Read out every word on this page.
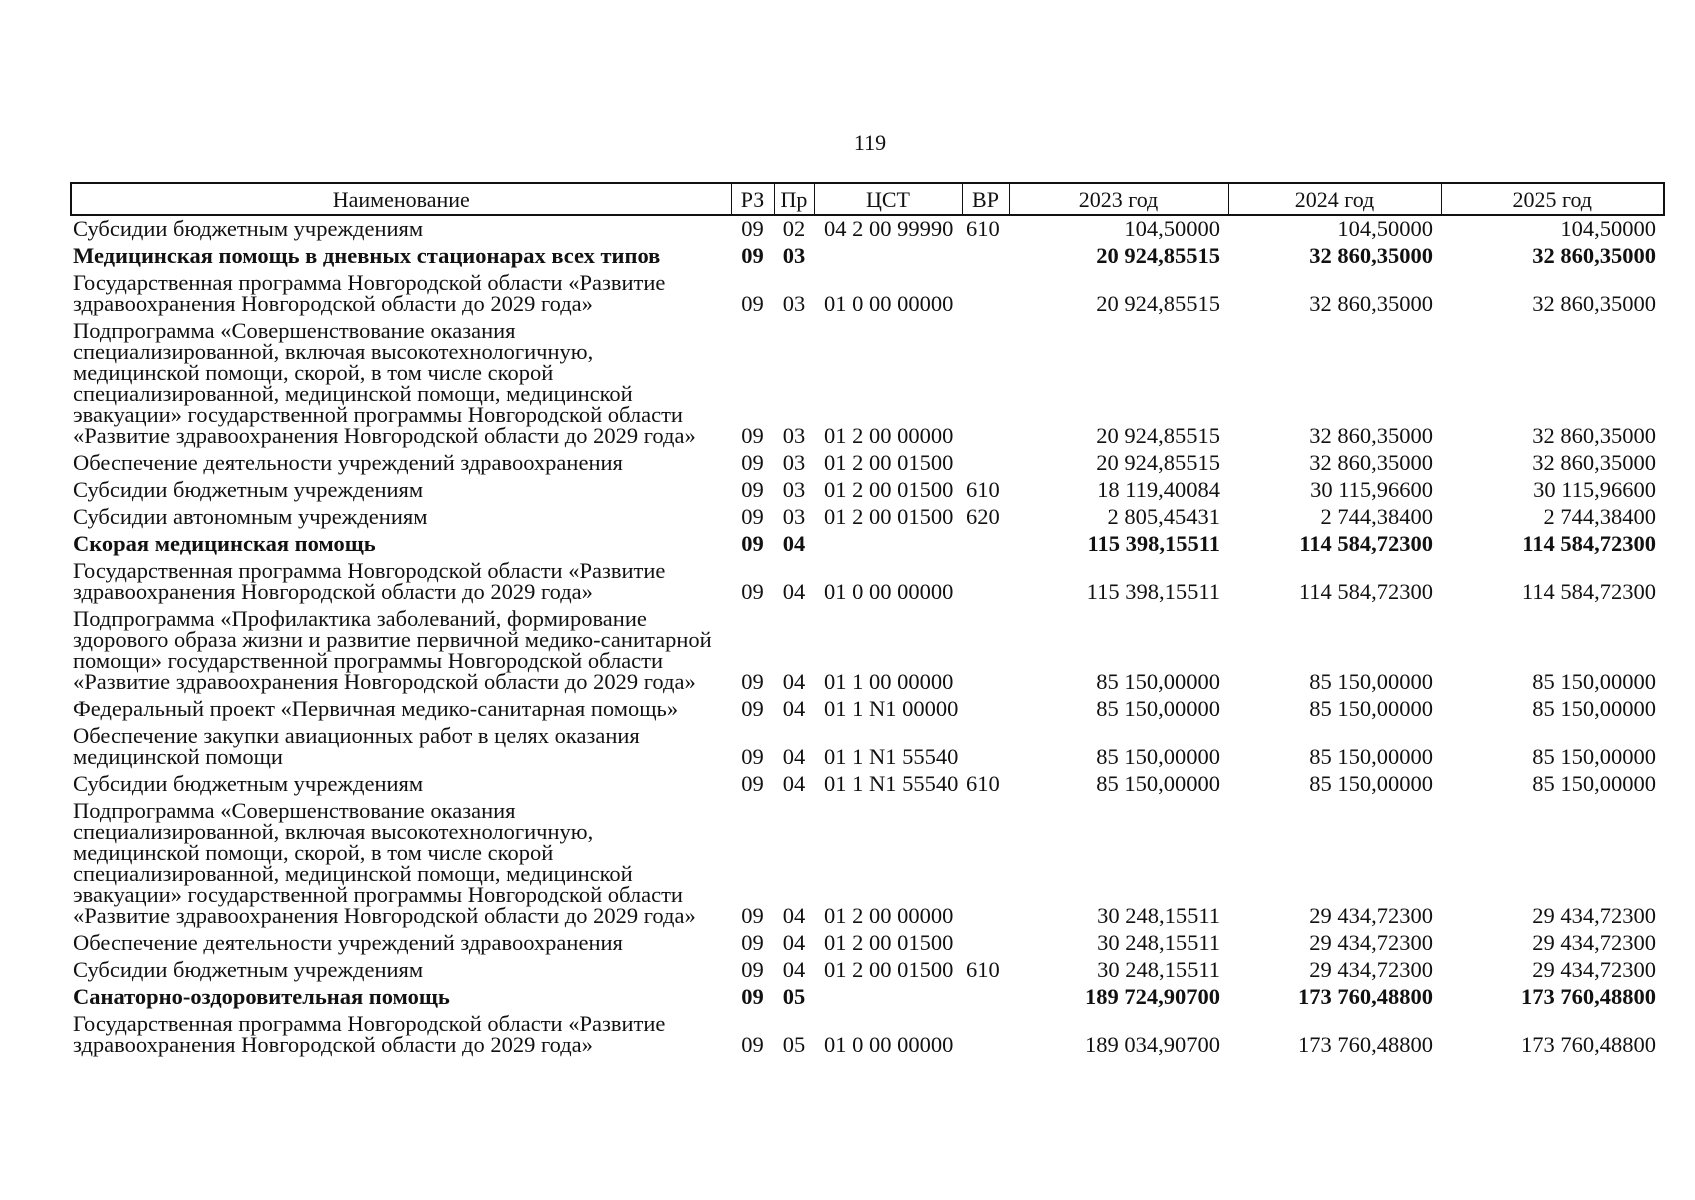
119
Наименование	РЗ	Пр	ЦСТ	ВР	2023 год	2024 год	2025 год
Субсидии бюджетным учреждениям	09	02	04 2 00 99990	610	104,50000	104,50000	104,50000
Медицинская помощь в дневных стационарах всех типов	09	03			20 924,85515	32 860,35000	32 860,35000
Государственная программа Новгородской области «Развитие здравоохранения Новгородской области до 2029 года»	09	03	01 0 00 00000		20 924,85515	32 860,35000	32 860,35000
Подпрограмма «Совершенствование оказания специализированной, включая высокотехнологичную, медицинской помощи, скорой, в том числе скорой специализированной, медицинской помощи, медицинской эвакуации» государственной программы Новгородской области «Развитие здравоохранения Новгородской области до 2029 года»	09	03	01 2 00 00000		20 924,85515	32 860,35000	32 860,35000
Обеспечение деятельности учреждений здравоохранения	09	03	01 2 00 01500		20 924,85515	32 860,35000	32 860,35000
Субсидии бюджетным учреждениям	09	03	01 2 00 01500	610	18 119,40084	30 115,96600	30 115,96600
Субсидии автономным учреждениям	09	03	01 2 00 01500	620	2 805,45431	2 744,38400	2 744,38400
Скорая медицинская помощь	09	04			115 398,15511	114 584,72300	114 584,72300
Государственная программа Новгородской области «Развитие здравоохранения Новгородской области до 2029 года»	09	04	01 0 00 00000		115 398,15511	114 584,72300	114 584,72300
Подпрограмма «Профилактика заболеваний, формирование здорового образа жизни и развитие первичной медико-санитарной помощи» государственной программы Новгородской области «Развитие здравоохранения Новгородской области до 2029 года»	09	04	01 1 00 00000		85 150,00000	85 150,00000	85 150,00000
Федеральный проект «Первичная медико-санитарная помощь»	09	04	01 1 N1 00000		85 150,00000	85 150,00000	85 150,00000
Обеспечение закупки авиационных работ в целях оказания медицинской помощи	09	04	01 1 N1 55540		85 150,00000	85 150,00000	85 150,00000
Субсидии бюджетным учреждениям	09	04	01 1 N1 55540	610	85 150,00000	85 150,00000	85 150,00000
Подпрограмма «Совершенствование оказания специализированной, включая высокотехнологичную, медицинской помощи, скорой, в том числе скорой специализированной, медицинской помощи, медицинской эвакуации» государственной программы Новгородской области «Развитие здравоохранения Новгородской области до 2029 года»	09	04	01 2 00 00000		30 248,15511	29 434,72300	29 434,72300
Обеспечение деятельности учреждений здравоохранения	09	04	01 2 00 01500		30 248,15511	29 434,72300	29 434,72300
Субсидии бюджетным учреждениям	09	04	01 2 00 01500	610	30 248,15511	29 434,72300	29 434,72300
Санаторно-оздоровительная помощь	09	05			189 724,90700	173 760,48800	173 760,48800
Государственная программа Новгородской области «Развитие здравоохранения Новгородской области до 2029 года»	09	05	01 0 00 00000		189 034,90700	173 760,48800	173 760,48800
